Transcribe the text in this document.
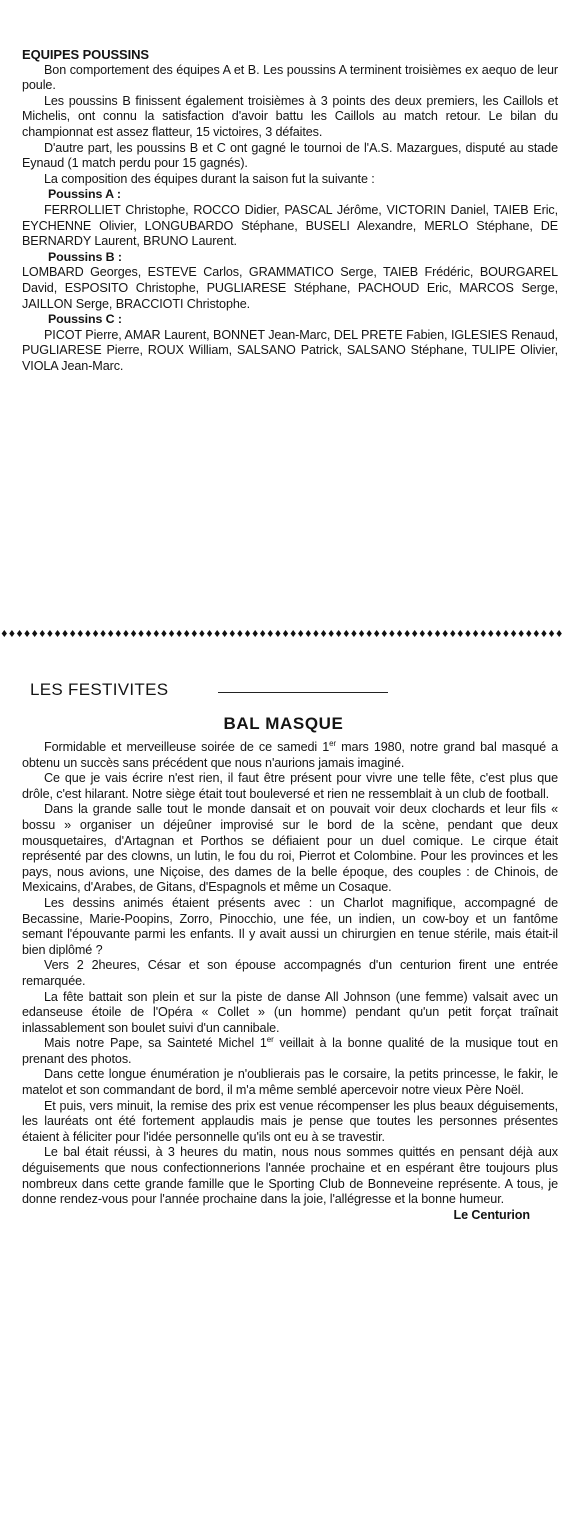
EQUIPES POUSSINS

Bon comportement des équipes A et B. Les poussins A terminent troisièmes ex aequo de leur poule.

Les poussins B finissent également troisièmes à 3 points des deux premiers, les Caillols et Michelis, ont connu la satisfaction d'avoir battu les Caillols au match retour. Le bilan du championnat est assez flatteur, 15 victoires, 3 défaites.

D'autre part, les poussins B et C ont gagné le tournoi de l'A.S. Mazargues, disputé au stade Eynaud (1 match perdu pour 15 gagnés).

La composition des équipes durant la saison fut la suivante :

Poussins A :

FERROLLIET Christophe, ROCCO Didier, PASCAL Jérôme, VICTORIN Daniel, TAIEB Eric, EYCHENNE Olivier, LONGUBARDO Stéphane, BUSELI Alexandre, MERLO Stéphane, DE BERNARDY Laurent, BRUNO Laurent.

Poussins B :

LOMBARD Georges, ESTEVE Carlos, GRAMMATICO Serge, TAIEB Frédéric, BOURGAREL David, ESPOSITO Christophe, PUGLIARESE Stéphane, PACHOUD Eric, MARCOS Serge, JAILLON Serge, BRACCIOTI Christophe.

Poussins C :

PICOT Pierre, AMAR Laurent, BONNET Jean-Marc, DEL PRETE Fabien, IGLESIES Renaud, PUGLIARESE Pierre, ROUX William, SALSANO Patrick, SALSANO Stéphane, TULIPE Olivier, VIOLA Jean-Marc.

♦♦♦♦♦♦♦♦♦♦♦♦♦♦♦♦♦♦♦♦♦♦♦♦♦♦♦♦♦♦♦♦♦♦♦♦♦♦♦♦♦♦♦♦♦♦♦♦♦♦♦♦♦♦♦♦♦♦♦♦♦♦♦♦♦♦♦♦♦♦♦♦♦♦
LES FESTIVITES
BAL MASQUE

Formidable et merveilleuse soirée de ce samedi 1er mars 1980, notre grand bal masqué a obtenu un succès sans précédent que nous n'aurions jamais imaginé.

Ce que je vais écrire n'est rien, il faut être présent pour vivre une telle fête, c'est plus que drôle, c'est hilarant. Notre siège était tout bouleversé et rien ne ressemblait à un club de football.

Dans la grande salle tout le monde dansait et on pouvait voir deux clochards et leur fils « bossu » organiser un déjeûner improvisé sur le bord de la scène, pendant que deux mousquetaires, d'Artagnan et Porthos se défiaient pour un duel comique. Le cirque était représenté par des clowns, un lutin, le fou du roi, Pierrot et Colombine. Pour les provinces et les pays, nous avions, une Niçoise, des dames de la belle époque, des couples : de Chinois, de Mexicains, d'Arabes, de Gitans, d'Espagnols et même un Cosaque.

Les dessins animés étaient présents avec : un Charlot magnifique, accompagné de Becassine, Marie-Poopins, Zorro, Pinocchio, une fée, un indien, un cow-boy et un fantôme semant l'épouvante parmi les enfants. Il y avait aussi un chirurgien en tenue stérile, mais était-il bien diplômé ?

Vers 2 2heures, César et son épouse accompagnés d'un centurion firent une entrée remarquée.

La fête battait son plein et sur la piste de danse All Johnson (une femme) valsait avec un edanseuse étoile de l'Opéra « Collet » (un homme) pendant qu'un petit forçat traînait inlassablement son boulet suivi d'un cannibale.

Mais notre Pape, sa Sainteté Michel 1er veillait à la bonne qualité de la musique tout en prenant des photos.

Dans cette longue énumération je n'oublierais pas le corsaire, la petits princesse, le fakir, le matelot et son commandant de bord, il m'a même semblé apercevoir notre vieux Père Noël.

Et puis, vers minuit, la remise des prix est venue récompenser les plus beaux déguisements, les lauréats ont été fortement applaudis mais je pense que toutes les personnes présentes étaient à féliciter pour l'idée personnelle qu'ils ont eu à se travestir.

Le bal était réussi, à 3 heures du matin, nous nous sommes quittés en pensant déjà aux déguisements que nous confectionnerions l'année prochaine et en espérant être toujours plus nombreux dans cette grande famille que le Sporting Club de Bonneveine représente. A tous, je donne rendez-vous pour l'année prochaine dans la joie, l'allégresse et la bonne humeur.

Le Centurion
